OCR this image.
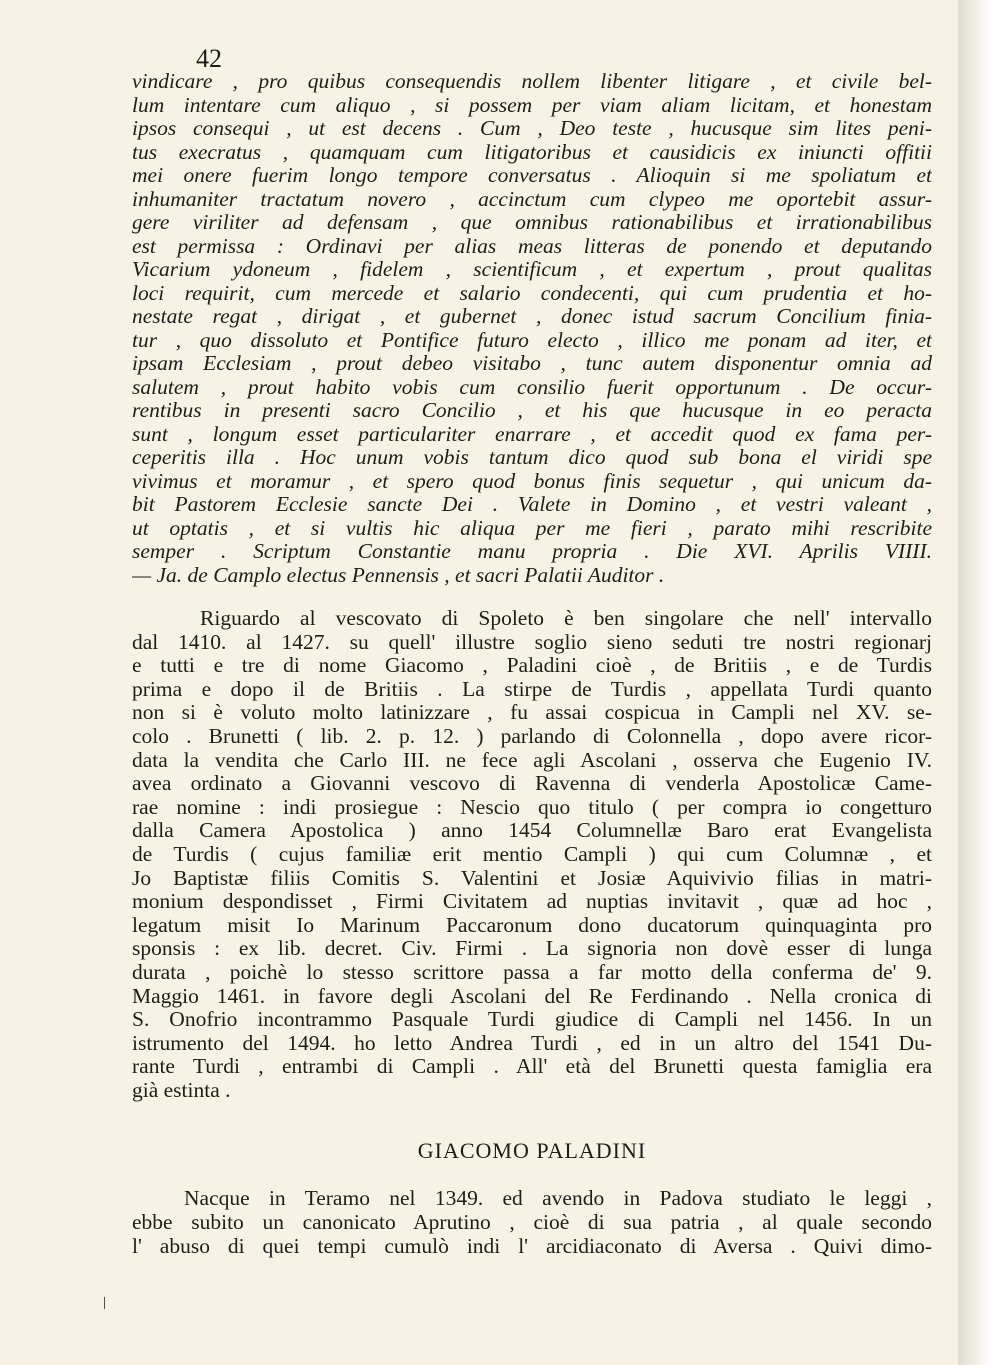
42
vindicare , pro quibus consequendis nollem libenter litigare , et civile bel-
lum intentare cum aliquo , si possem per viam aliam licitam, et honestam
ipsos consequi , ut est decens . Cum , Deo teste , hucusque sim lites peni-
tus execratus , quamquam cum litigatoribus et causidicis ex iniuncti offitii
mei onere fuerim longo tempore conversatus . Alioquin si me spoliatum et
inhumaniter tractatum novero , accinctum cum clypeo me oportebit assur-
gere viriliter ad defensam , que omnibus rationabilibus et irrationabilibus
est permissa : Ordinavi per alias meas litteras de ponendo et deputando
Vicarium ydoneum , fidelem , scientificum , et expertum , prout qualitas
loci requirit, cum mercede et salario condecenti, qui cum prudentia et ho-
nestate regat , dirigat , et gubernet , donec istud sacrum Concilium finia-
tur , quo dissoluto et Pontifice futuro electo , illico me ponam ad iter, et
ipsam Ecclesiam , prout debeo visitabo , tunc autem disponentur omnia ad
salutem , prout habito vobis cum consilio fuerit opportunum . De occur-
rentibus in presenti sacro Concilio , et his que hucusque in eo peracta
sunt , longum esset particulariter enarrare , et accedit quod ex fama per-
ceperitis illa . Hoc unum vobis tantum dico quod sub bona el viridi spe
vivimus et moramur , et spero quod bonus finis sequetur , qui unicum da-
bit Pastorem Ecclesie sancte Dei . Valete in Domino , et vestri valeant ,
ut optatis , et si vultis hic aliqua per me fieri , parato mihi rescribite
semper . Scriptum Constantie manu propria . Die XVI. Aprilis VIIII.
— Ja. de Camplo electus Pennensis , et sacri Palatii Auditor .
Riguardo al vescovato di Spoleto è ben singolare che nell' intervallo
dal 1410. al 1427. su quell' illustre soglio sieno seduti tre nostri regionarj
e tutti e tre di nome Giacomo , Paladini cioè , de Britiis , e de Turdis
prima e dopo il de Britiis . La stirpe de Turdis , appellata Turdi quanto
non si è voluto molto latinizzare , fu assai cospicua in Campli nel XV. se-
colo . Brunetti ( lib. 2. p. 12. ) parlando di Colonnella , dopo avere ricor-
data la vendita che Carlo III. ne fece agli Ascolani , osserva che Eugenio IV.
avea ordinato a Giovanni vescovo di Ravenna di venderla Apostolicæ Came-
rae nomine : indi prosiegue : Nescio quo titulo ( per compra io congetturo
dalla Camera Apostolica ) anno 1454 Columnellæ Baro erat Evangelista
de Turdis ( cujus familiæ erit mentio Campli ) qui cum Columnæ , et
Jo Baptistæ filiis Comitis S. Valentini et Josiæ Aquivivio filias in matri-
monium despondisset , Firmi Civitatem ad nuptias invitavit , quæ ad hoc ,
legatum misit Io Marinum Paccaronum dono ducatorum quinquaginta pro
sponsis : ex lib. decret. Civ. Firmi . La signoria non dovè esser di lunga
durata , poichè lo stesso scrittore passa a far motto della conferma de' 9.
Maggio 1461. in favore degli Ascolani del Re Ferdinando . Nella cronica di
S. Onofrio incontrammo Pasquale Turdi giudice di Campli nel 1456. In un
istrumento del 1494. ho letto Andrea Turdi , ed in un altro del 1541 Du-
rante Turdi , entrambi di Campli . All' età del Brunetti questa famiglia era
già estinta .
GIACOMO PALADINI
Nacque in Teramo nel 1349. ed avendo in Padova studiato le leggi ,
ebbe subito un canonicato Aprutino , cioè di sua patria , al quale secondo
l' abuso di quei tempi cumulò indi l' arcidiaconato di Aversa . Quivi dimo-
